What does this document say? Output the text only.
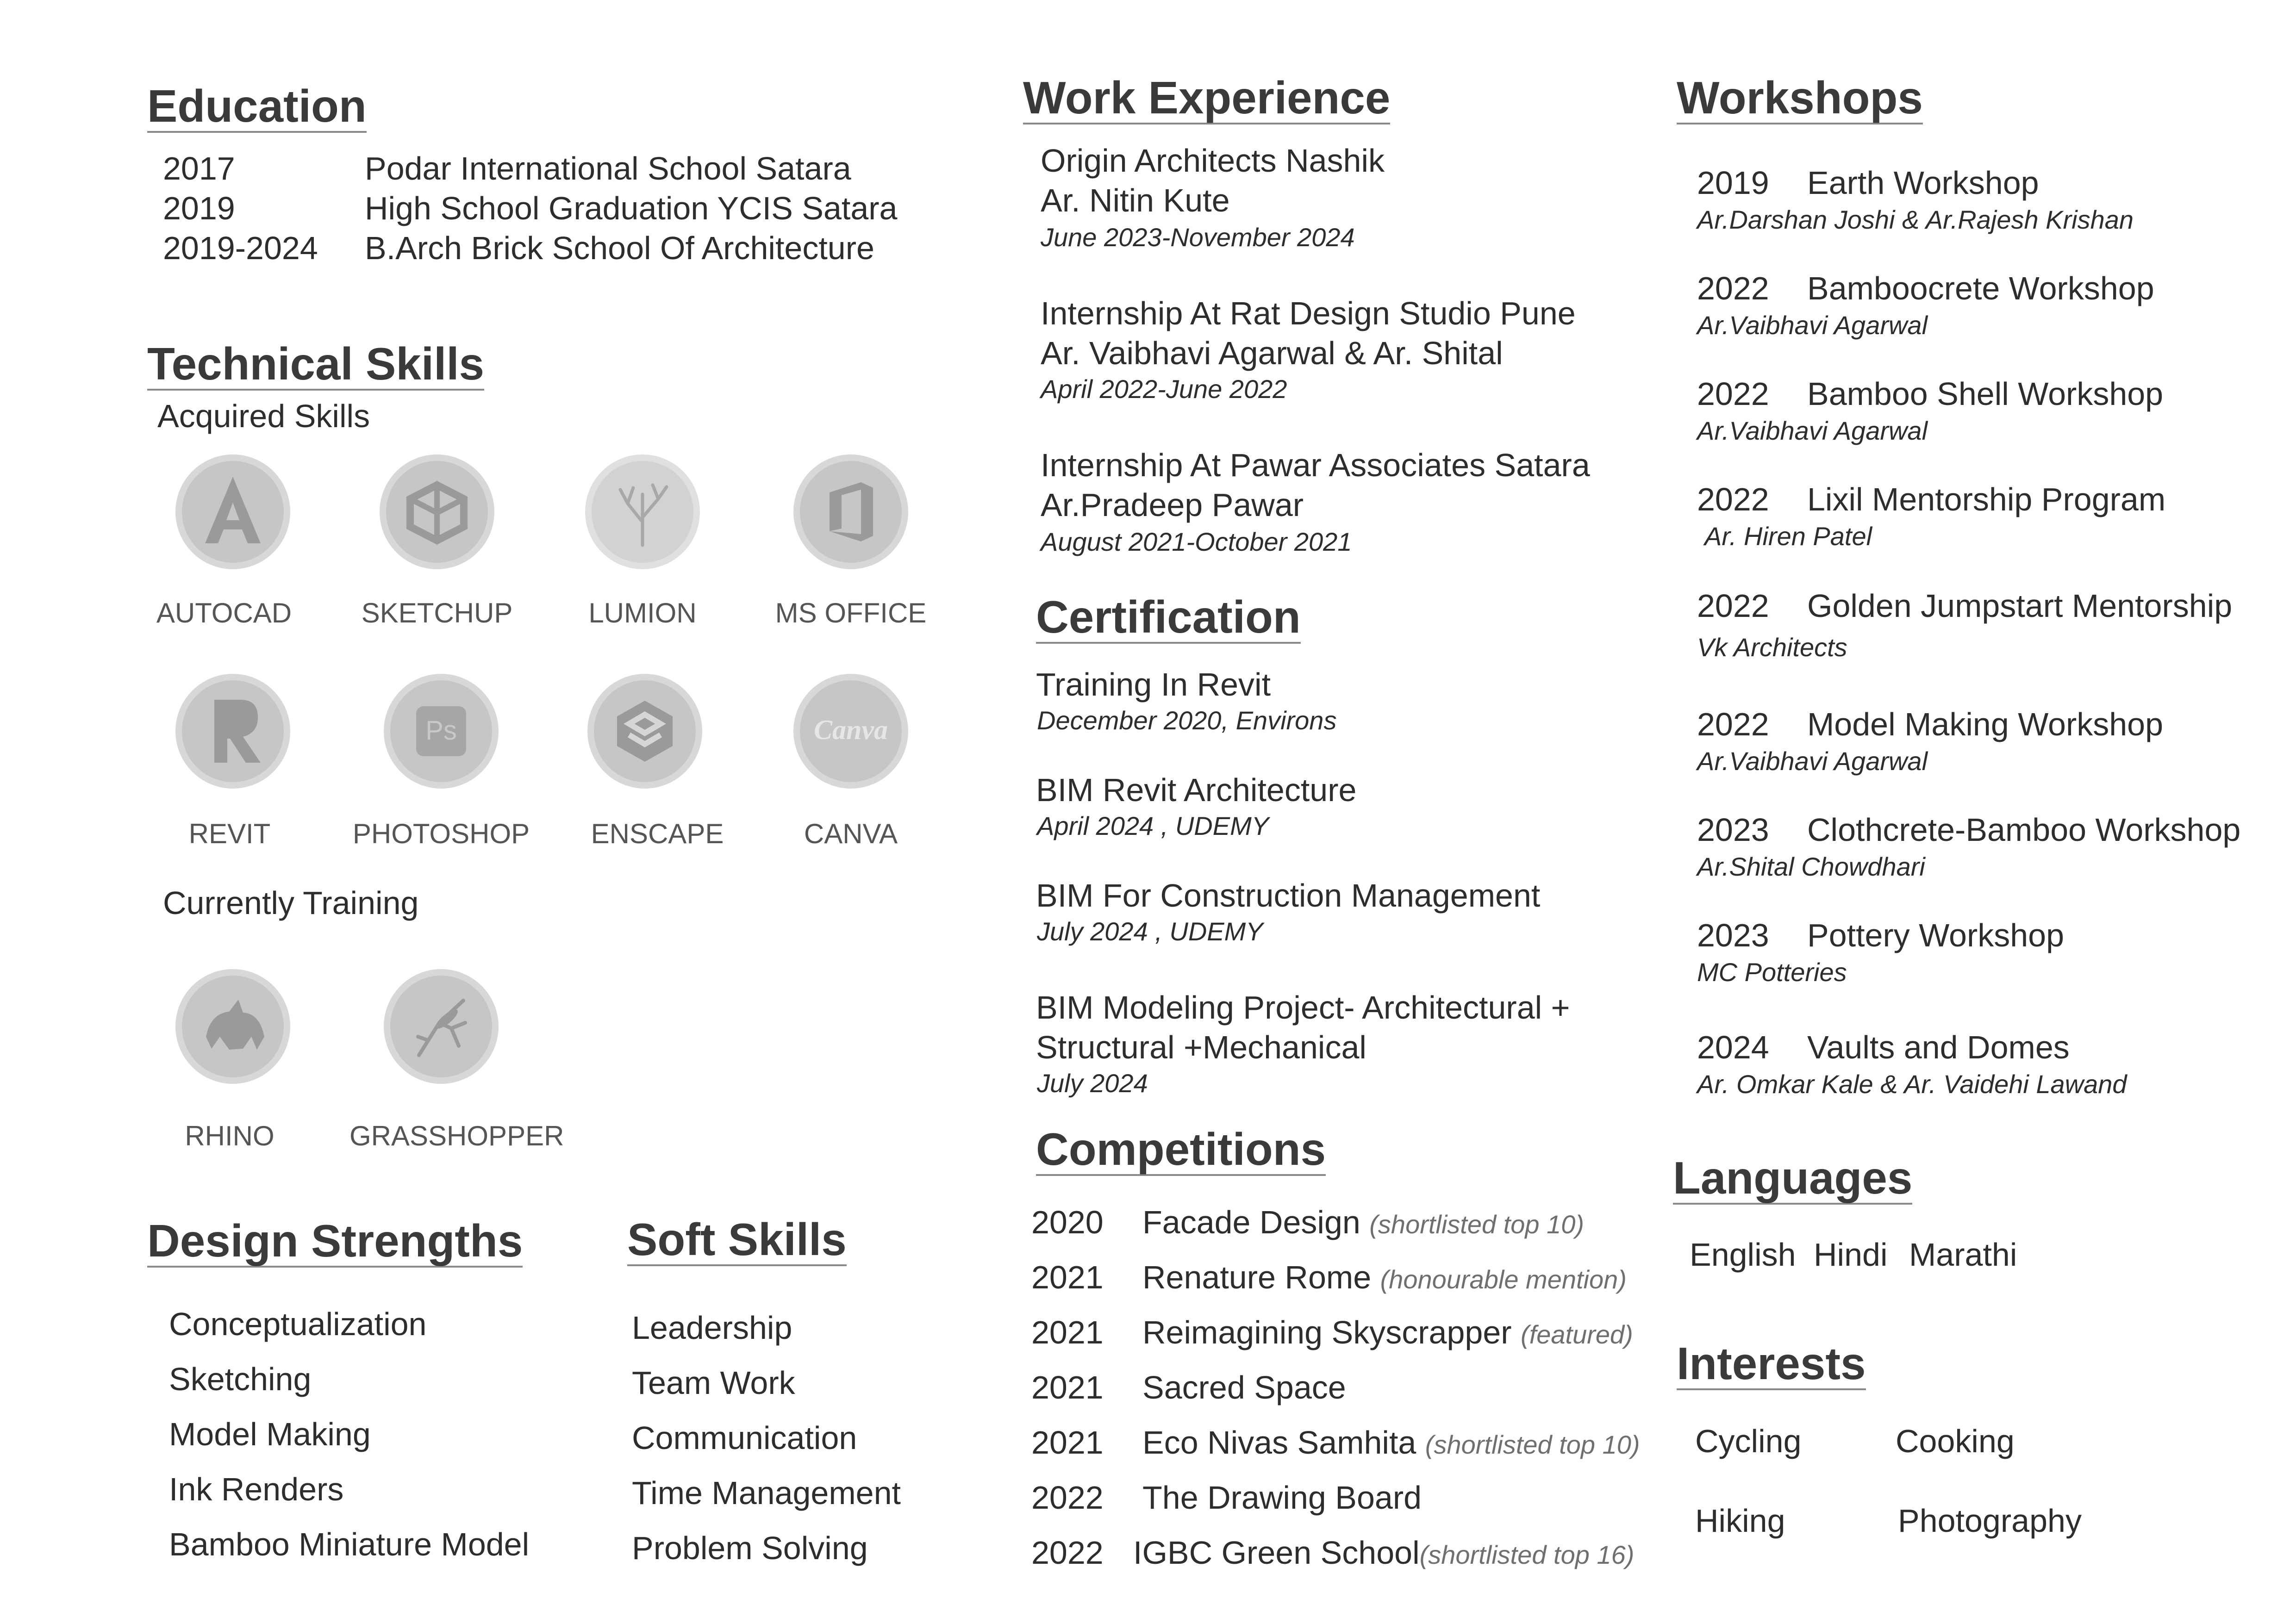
Education
2017	Podar International School Satara
2019	High School Graduation YCIS Satara
2019-2024 B.Arch Brick School Of Architecture
Technical Skills
Acquired Skills
AUTOCAD	SKETCHUP	LUMION	MS OFFICE
Ps	Canva
REVIT	PHOTOSHOP	ENSCAPE	CANVA
Currently Training
RHINO	GRASSHOPPER
Design Strengths
Conceptualization
Sketching
Model Making
Ink Renders
Bamboo Miniature Model
Soft Skills
Leadership
Team Work
Communication
Time Management
Problem Solving
Work Experience
Origin Architects Nashik
Ar. Nitin Kute
June 2023-November 2024
Internship At Rat Design Studio Pune
Ar. Vaibhavi Agarwal & Ar. Shital
April 2022-June 2022
Internship At Pawar Associates Satara
Ar.Pradeep Pawar
August 2021-October 2021
Certification
Training In Revit
December 2020, Environs
BIM Revit Architecture
April 2024 , UDEMY
BIM For Construction Management
July 2024 , UDEMY
BIM Modeling Project- Architectural +
Structural +Mechanical
July 2024
Competitions
2020 Facade Design (shortlisted top 10)
2021 Renature Rome (honourable mention)
2021 Reimagining Skyscrapper (featured)
2021 Sacred Space
2021 Eco Nivas Samhita (shortlisted top 10)
2022 The Drawing Board
2022 IGBC Green School(shortlisted top 16)
Workshops
2019 Earth Workshop
Ar.Darshan Joshi & Ar.Rajesh Krishan
2022 Bamboocrete Workshop
Ar.Vaibhavi Agarwal
2022 Bamboo Shell Workshop
Ar.Vaibhavi Agarwal
2022 Lixil Mentorship Program
Ar. Hiren Patel
2022 Golden Jumpstart Mentorship
Vk Architects
2022 Model Making Workshop
Ar.Vaibhavi Agarwal
2023 Clothcrete-Bamboo Workshop
Ar.Shital Chowdhari
2023 Pottery Workshop
MC Potteries
2024 Vaults and Domes
Ar. Omkar Kale & Ar. Vaidehi Lawand
Languages
English Hindi Marathi
Interests
Cycling	Cooking
Hiking	Photography
